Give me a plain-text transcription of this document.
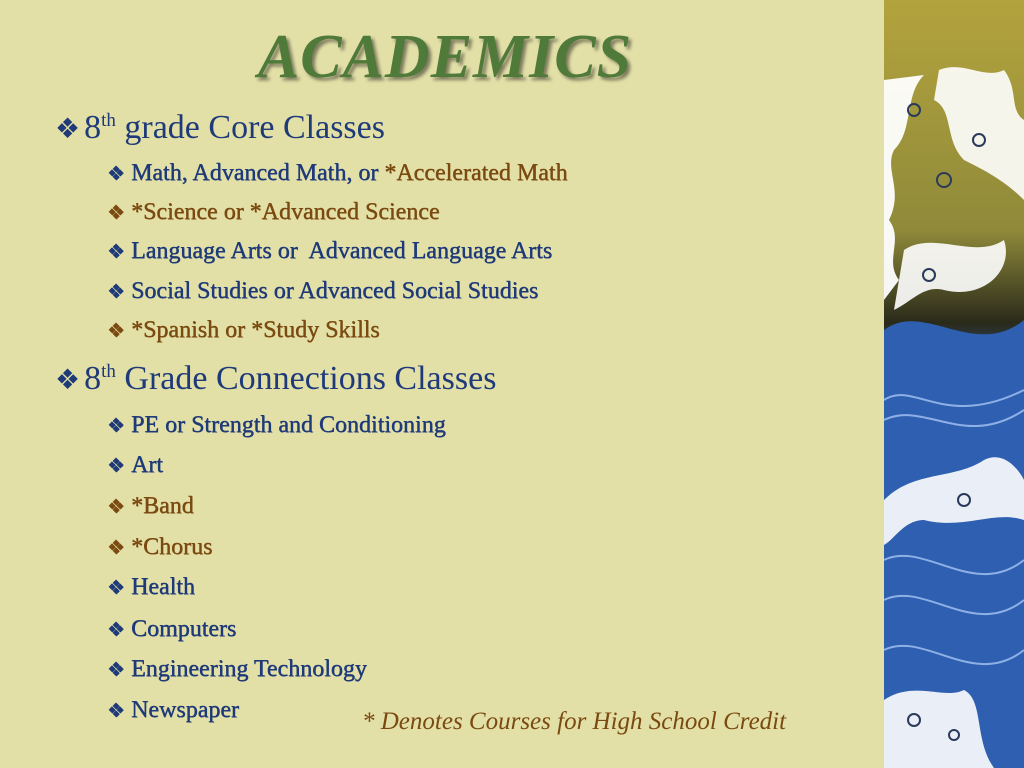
ACADEMICS

❖ 8th grade Core Classes

❖ Math, Advanced Math, or *Accelerated Math

❖ *Science or *Advanced Science

❖ Language Arts or  Advanced Language Arts

❖ Social Studies or Advanced Social Studies

❖ *Spanish or *Study Skills

❖ 8th Grade Connections Classes

❖ PE or Strength and Conditioning

❖ Art

❖ *Band

❖ *Chorus

❖ Health

❖ Computers

❖ Engineering Technology

❖ Newspaper	* Denotes Courses for High School Credit
